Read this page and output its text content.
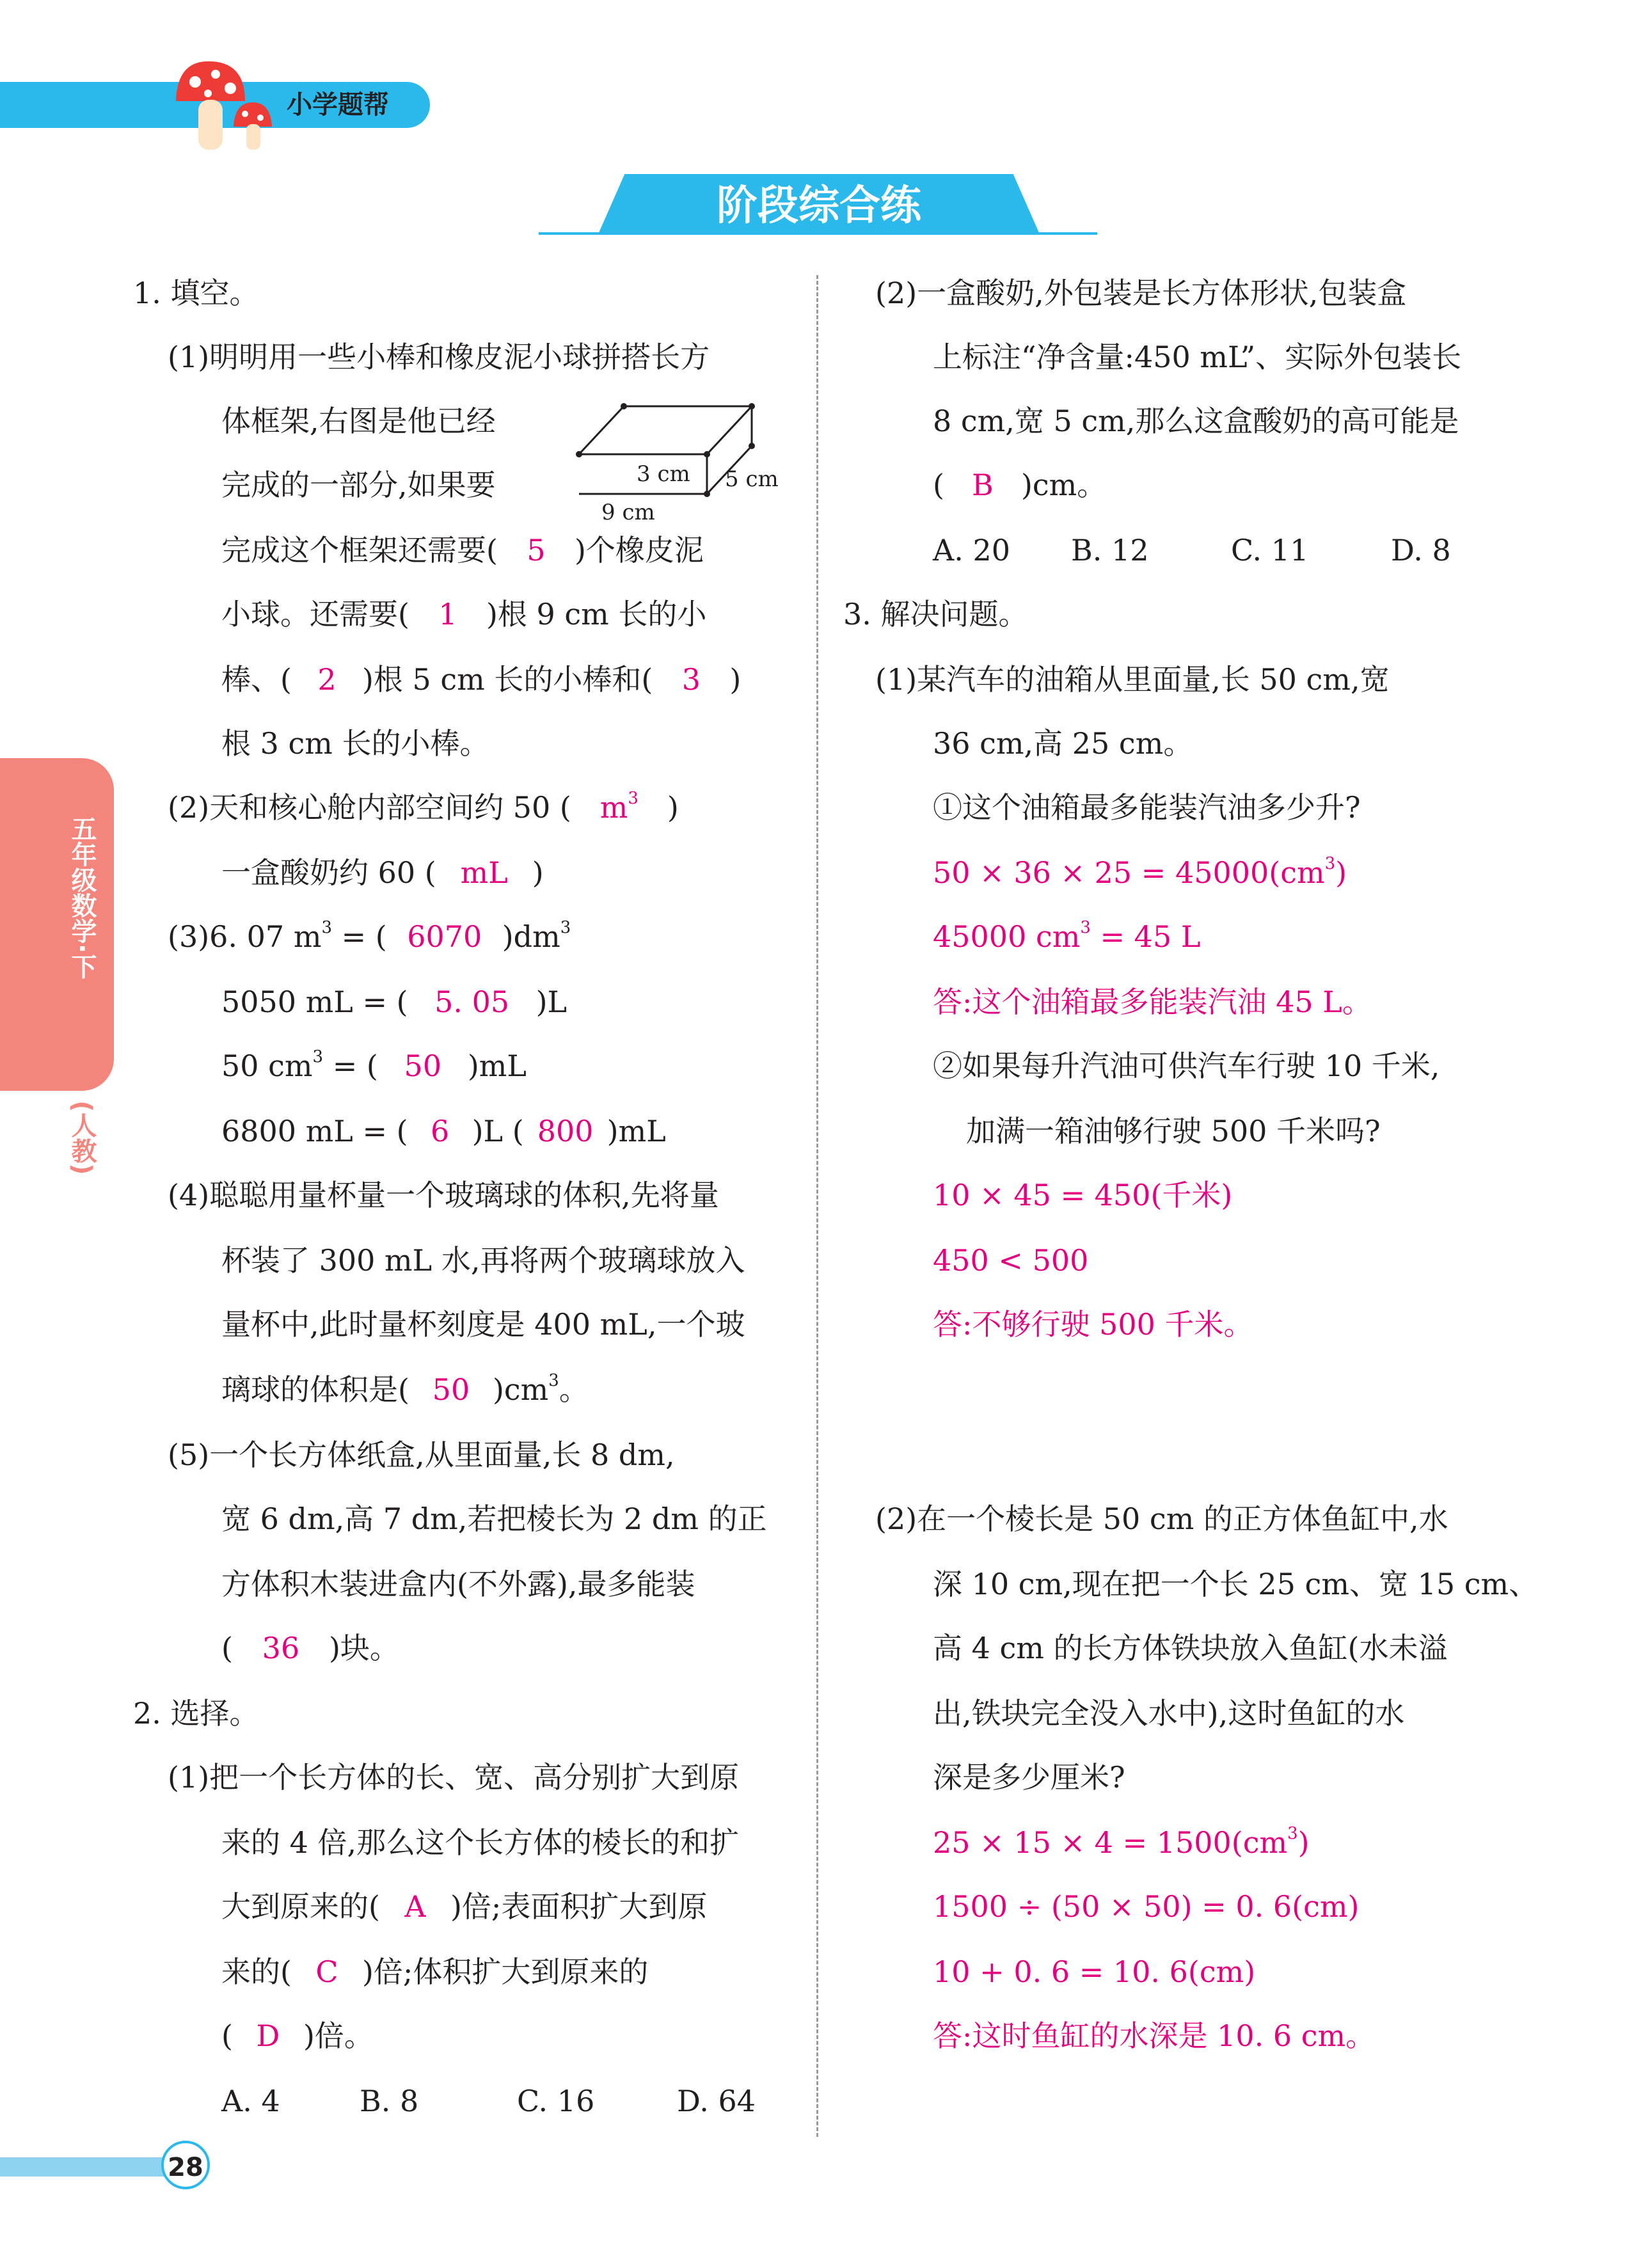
小学题帮
阶段综合练
五年级数学·下
(人教)
28
1. 填空。
(1)明明用一些小棒和橡皮泥小球拼搭长方
体框架,右图是他已经
完成的一部分,如果要	3 cm 5 cm
9 cm
完成这个框架还需要( 5 )个橡皮泥
小球。还需要( 1 )根 9 cm 长的小
棒、( 2 )根 5 cm 长的小棒和( 3 )
根 3 cm 长的小棒。
(2)天和核心舱内部空间约 50 ( $m^3$ )
一盒酸奶约 60 ( mL )
(3)6. 07 $m^3$ = ( 6070 )$dm^3$
5050 mL = ( 5. 05 )L
50 $cm^3$ = ( 50 )mL
6800 mL = ( 6 )L ( 800 )mL
(4)聪聪用量杯量一个玻璃球的体积,先将量
杯装了 300 mL 水,再将两个玻璃球放入
量杯中,此时量杯刻度是 400 mL,一个玻
璃球的体积是( 50 )$cm^3$。
(5)一个长方体纸盒,从里面量,长 8 dm,
宽 6 dm,高 7 dm,若把棱长为 2 dm 的正
方体积木装进盒内(不外露),最多能装
( 36 )块。
2. 选择。
(1)把一个长方体的长、宽、高分别扩大到原
来的 4 倍,那么这个长方体的棱长的和扩
大到原来的( A )倍;表面积扩大到原
来的( C )倍;体积扩大到原来的
( D )倍。
A. 4	B. 8	C. 16	D. 64
(2)一盒酸奶,外包装是长方体形状,包装盒
上标注“净含量:450 mL”、实际外包装长
8 cm,宽 5 cm,那么这盒酸奶的高可能是
( B )cm。
A. 20 B. 12	C. 11	D. 8
3. 解决问题。
(1)某汽车的油箱从里面量,长 50 cm,宽
36 cm,高 25 cm。
①这个油箱最多能装汽油多少升?
$50 \times 36 \times 25 = 45000(cm^3)$
45000 $cm^3 = 45$ L
答:这个油箱最多能装汽油 45 L。
②如果每升汽油可供汽车行驶 10 千米,
加满一箱油够行驶 500 千米吗?
10 × 45 = 450(千米)
450 < 500
答:不够行驶 500 千米。
(2)在一个棱长是 50 cm 的正方体鱼缸中,水
深 10 cm,现在把一个长 25 cm、宽 15 cm、
高 4 cm 的长方体铁块放入鱼缸(水未溢
出,铁块完全没入水中),这时鱼缸的水
深是多少厘米?
$25 \times 15 \times 4 = 1500(cm^3)$
1500 ÷ (50 × 50) = 0. 6(cm)
10 + 0. 6 = 10. 6(cm)
答:这时鱼缸的水深是 10. 6 cm。
